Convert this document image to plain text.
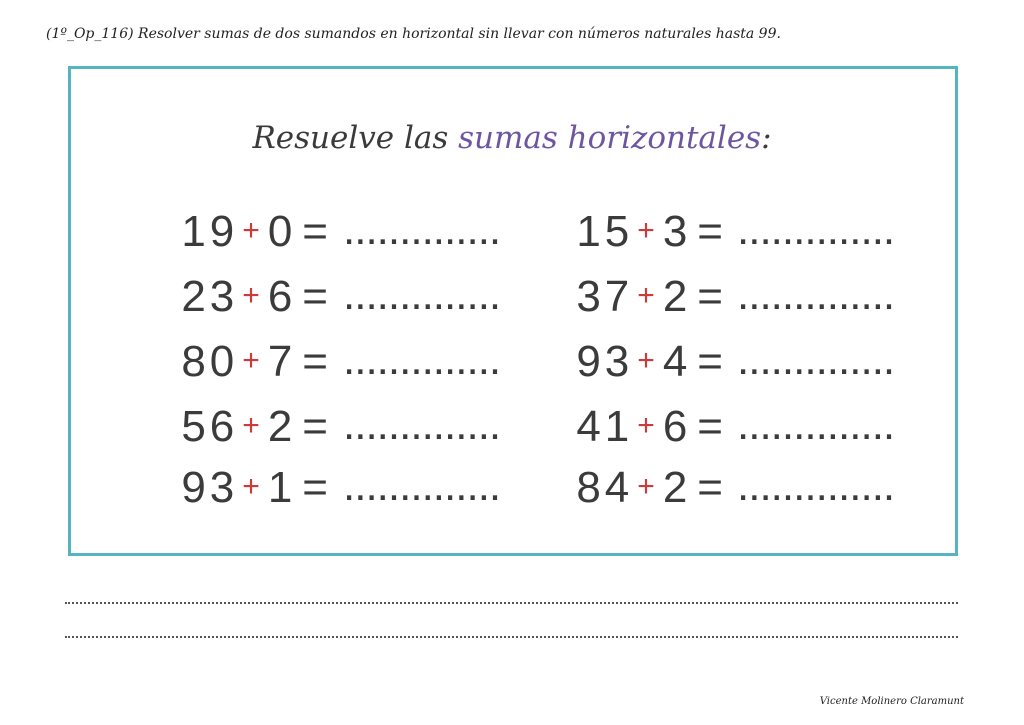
(1º_Op_116) Resolver sumas de dos sumandos en horizontal sin llevar con números naturales hasta 99.
Resuelve las sumas horizontales:
19 +0 = ..............
23 +6 = ..............
80 +7 = ..............
56 +2 = ..............
93 +1 = ..............
15 +3 = ..............
37 +2 = ..............
93 +4 = ..............
41 +6 = ..............
84 +2 = ..............
Vicente Molinero Claramunt
